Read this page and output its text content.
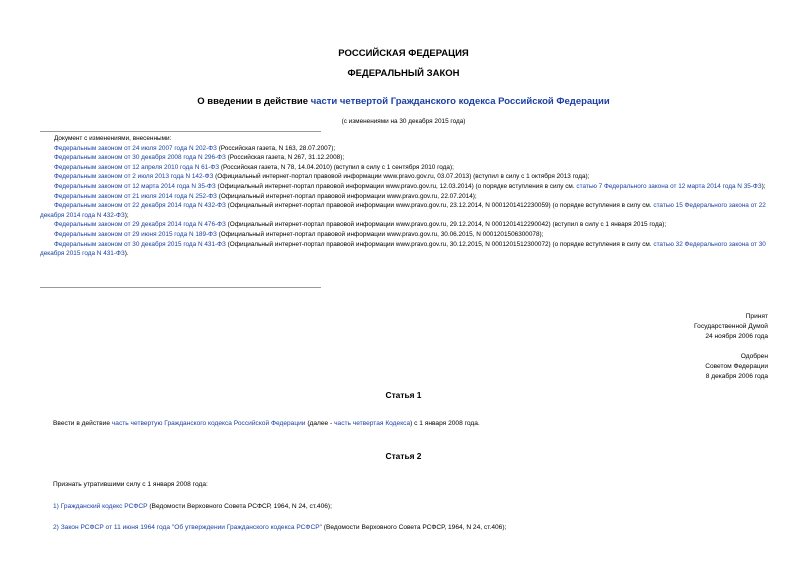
РОССИЙСКАЯ ФЕДЕРАЦИЯ
ФЕДЕРАЛЬНЫЙ ЗАКОН
О введении в действие части четвертой Гражданского кодекса Российской Федерации
(с изменениями на 30 декабря 2015 года)
Документ с изменениями, внесенными:
Федеральным законом от 24 июля 2007 года N 202-ФЗ (Российская газета, N 163, 28.07.2007);
Федеральным законом от 30 декабря 2008 года N 296-ФЗ (Российская газета, N 267, 31.12.2008);
Федеральным законом от 12 апреля 2010 года N 61-ФЗ (Российская газета, N 78, 14.04.2010) (вступил в силу с 1 сентября 2010 года);
Федеральным законом от 2 июля 2013 года N 142-ФЗ (Официальный интернет-портал правовой информации www.pravo.gov.ru, 03.07.2013) (вступил в силу с 1 октября 2013 года);
Федеральным законом от 12 марта 2014 года N 35-ФЗ (Официальный интернет-портал правовой информации www.pravo.gov.ru, 12.03.2014) (о порядке вступления в силу см. статью 7 Федерального закона от 12 марта 2014 года N 35-ФЗ);
Федеральным законом от 21 июля 2014 года N 252-ФЗ (Официальный интернет-портал правовой информации www.pravo.gov.ru, 22.07.2014);
Федеральным законом от 22 декабря 2014 года N 432-ФЗ (Официальный интернет-портал правовой информации www.pravo.gov.ru, 23.12.2014, N 0001201412230059) (о порядке вступления в силу см. статью 15 Федерального закона от 22 декабря 2014 года N 432-ФЗ);
Федеральным законом от 29 декабря 2014 года N 476-ФЗ (Официальный интернет-портал правовой информации www.pravo.gov.ru, 29.12.2014, N 0001201412290042) (вступил в силу с 1 января 2015 года);
Федеральным законом от 29 июня 2015 года N 189-ФЗ (Официальный интернет-портал правовой информации www.pravo.gov.ru, 30.06.2015, N 0001201506300078);
Федеральным законом от 30 декабря 2015 года N 431-ФЗ (Официальный интернет-портал правовой информации www.pravo.gov.ru, 30.12.2015, N 0001201512300072) (о порядке вступления в силу см. статью 32 Федерального закона от 30 декабря 2015 года N 431-ФЗ).
Принят
Государственной Думой
24 ноября 2006 года
Одобрен
Советом Федерации
8 декабря 2006 года
Статья 1
Ввести в действие часть четвертую Гражданского кодекса Российской Федерации (далее - часть четвертая Кодекса) с 1 января 2008 года.
Статья 2
Признать утратившими силу с 1 января 2008 года:
1) Гражданский кодекс РСФСР (Ведомости Верховного Совета РСФСР, 1964, N 24, ст.406);
2) Закон РСФСР от 11 июня 1964 года "Об утверждении Гражданского кодекса РСФСР" (Ведомости Верховного Совета РСФСР, 1964, N 24, ст.406);
